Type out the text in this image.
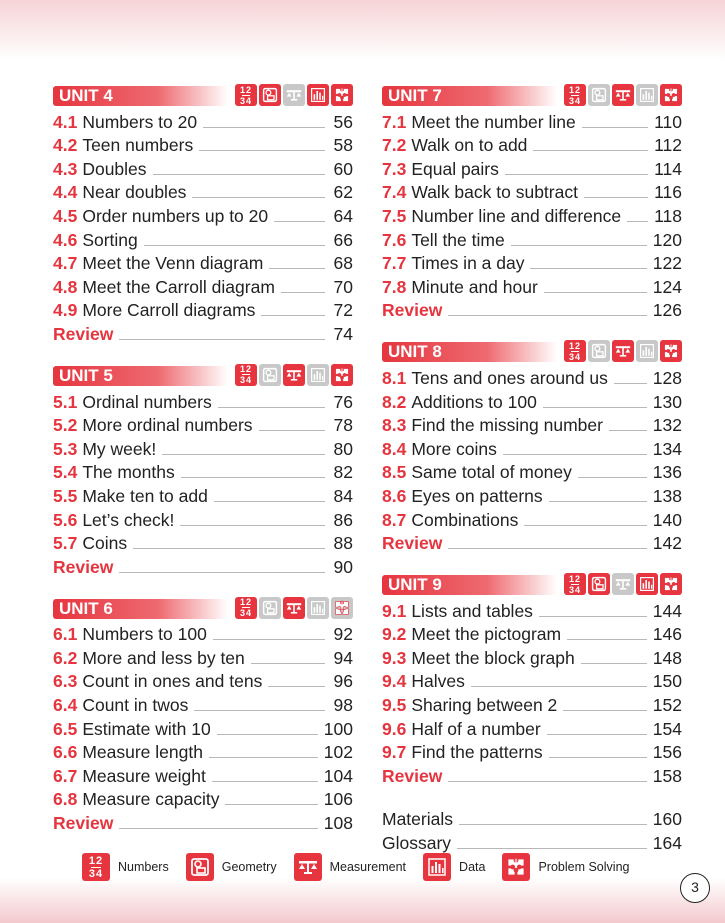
UNIT 4	12
34
4.1 Numbers to 20	56
4.2 Teen numbers	58
4.3 Doubles	60
4.4 Near doubles	62
4.5 Order numbers up to 20	64
4.6 Sorting	66
4.7 Meet the Venn diagram	68
4.8 Meet the Carroll diagram	70
4.9 More Carroll diagrams	72
Review	74
UNIT 5	12
34
5.1 Ordinal numbers	76
5.2 More ordinal numbers	78
5.3 My week!	80
5.4 The months	82
5.5 Make ten to add	84
5.6 Let’s check!	86
5.7 Coins	88
Review	90
UNIT 6	12
34
6.1 Numbers to 100	92
6.2 More and less by ten	94
6.3 Count in ones and tens	96
6.4 Count in twos	98
6.5 Estimate with 10	100
6.6 Measure length	102
6.7 Measure weight	104
6.8 Measure capacity	106
Review	108
UNIT 7	12
34
7.1 Meet the number line	110
7.2 Walk on to add	112
7.3 Equal pairs	114
7.4 Walk back to subtract	116
7.5 Number line and difference 118
7.6 Tell the time	120
7.7 Times in a day	122
7.8 Minute and hour	124
Review	126
UNIT 8	12
34
8.1 Tens and ones around us	128
8.2 Additions to 100	130
8.3 Find the missing number	132
8.4 More coins	134
8.5 Same total of money	136
8.6 Eyes on patterns	138
8.7 Combinations	140
Review	142
UNIT 9	12
34
9.1 Lists and tables	144
9.2 Meet the pictogram	146
9.3 Meet the block graph	148
9.4 Halves	150
9.5 Sharing between 2	152
9.6 Half of a number	154
9.7 Find the patterns	156
Review	158
Materials	160
Glossary	164
12
34 Numbers	Geometry	Measurement	Data	Problem Solving
3
